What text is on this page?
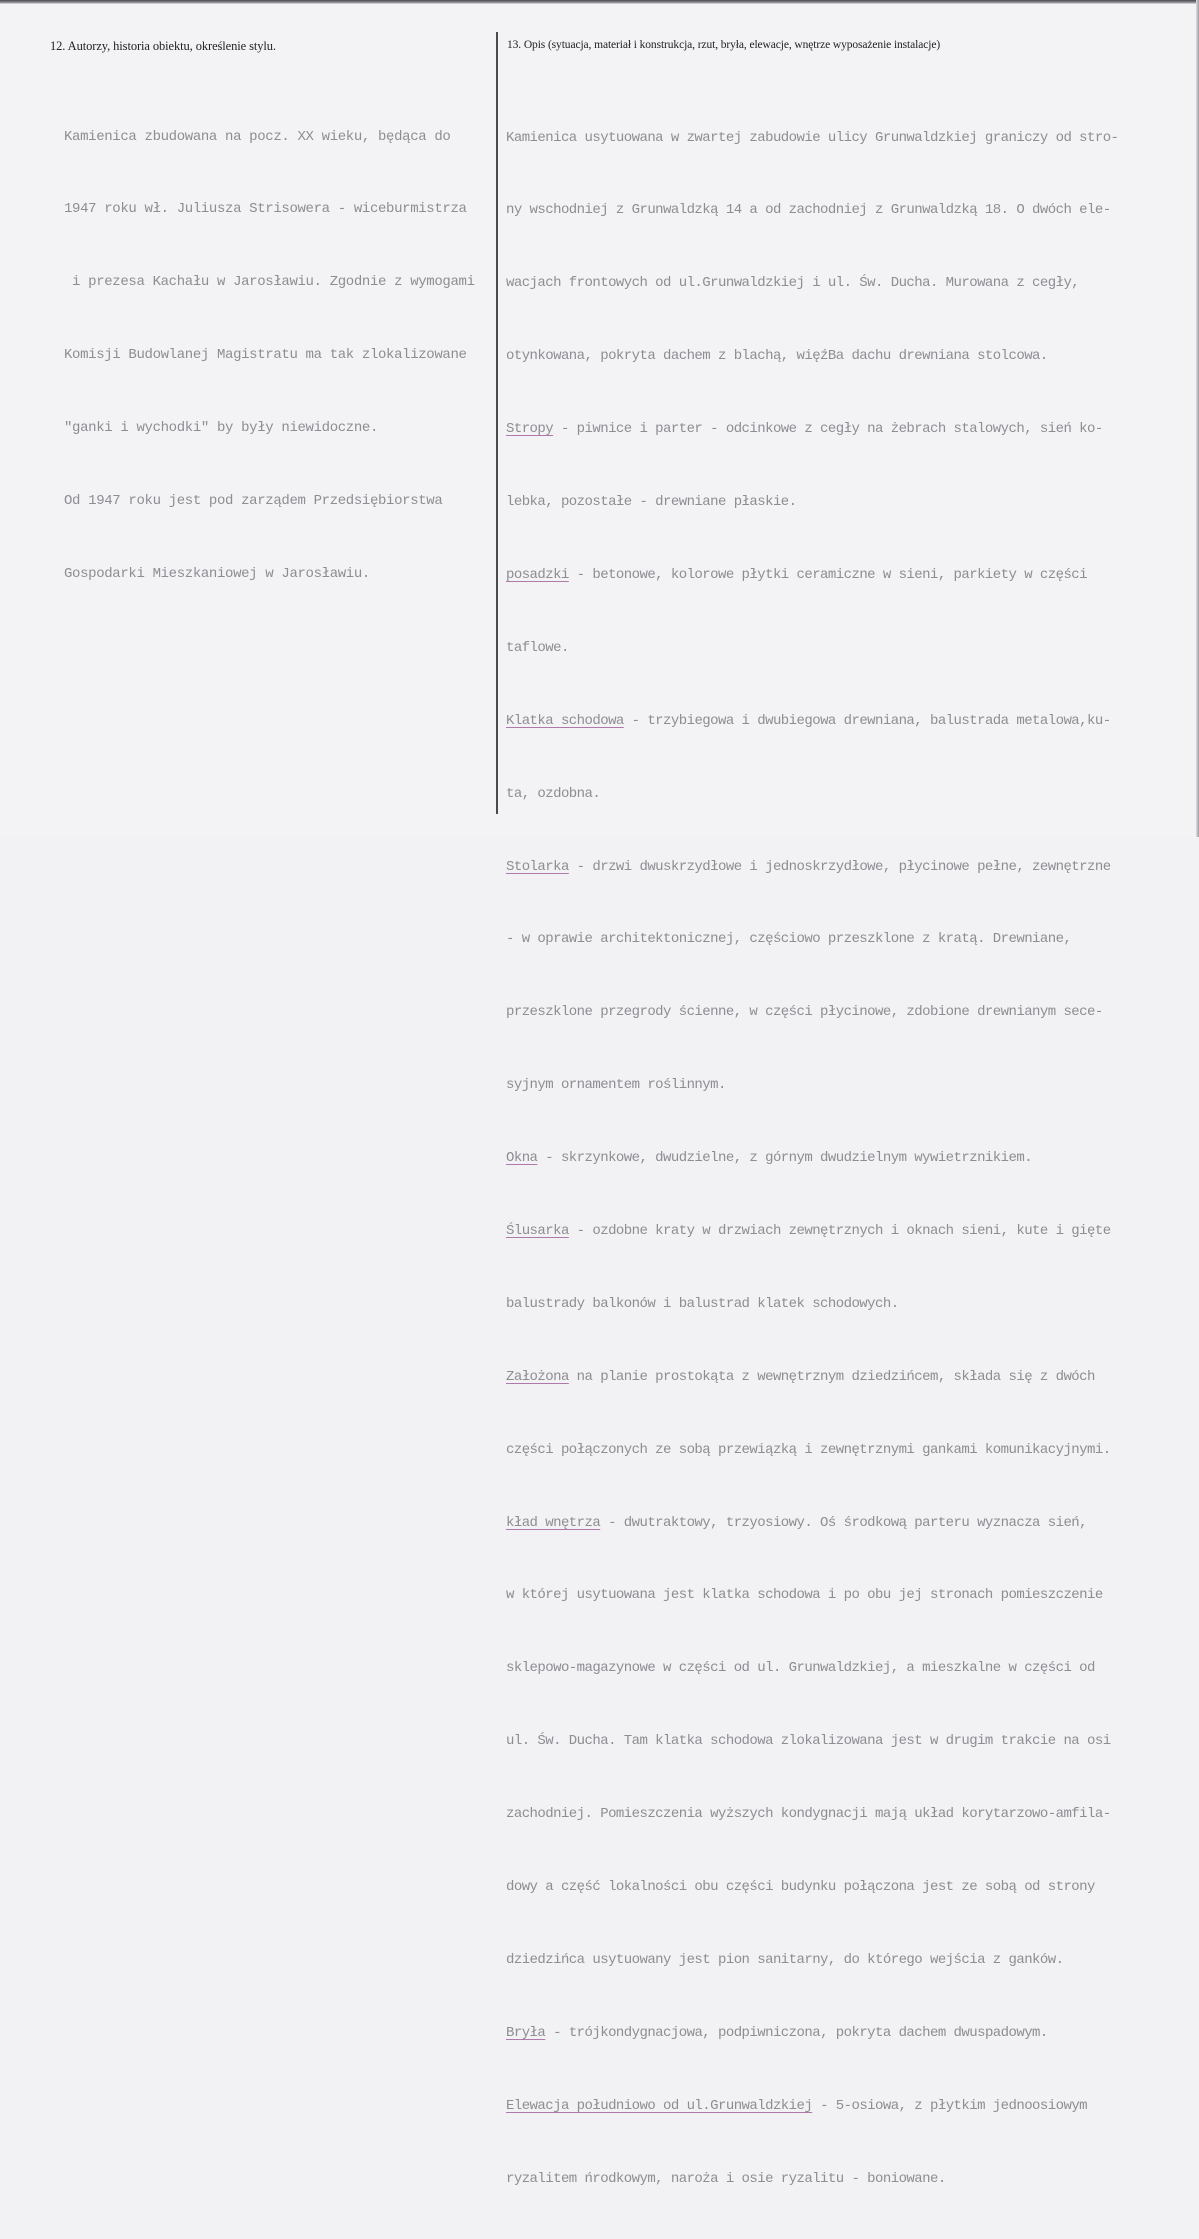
12. Autorzy, historia obiektu, określenie stylu.

Kamienica zbudowana na pocz. XX wieku, będąca do

1947 roku wł. Juliusza Strisowera - wiceburmistrza

i prezesa Kachału w Jarosławiu. Zgodnie z wymogami

Komisji Budowlanej Magistratu ma tak zlokalizowane

"ganki i wychodki" by były niewidoczne.

Od 1947 roku jest pod zarządem Przedsiębiorstwa

Gospodarki Mieszkaniowej w Jarosławiu.

13. Opis (sytuacja, materiał i konstrukcja, rzut, bryła, elewacje, wnętrze wyposażenie instalacje)

Kamienica usytuowana w zwartej zabudowie ulicy Grunwaldzkiej graniczy od stro-

ny wschodniej z Grunwaldzką 14 a od zachodniej z Grunwaldzką 18. O dwóch ele-

wacjach frontowych od ul.Grunwaldzkiej i ul. Św. Ducha. Murowana z cegły,

otynkowana, pokryta dachem z blachą, więźBa dachu drewniana stolcowa.

Stropy - piwnice i parter - odcinkowe z cegły na żebrach stalowych, sień ko-

lebka, pozostałe - drewniane płaskie.

posadzki - betonowe, kolorowe płytki ceramiczne w sieni, parkiety w części

taflowe.

Klatka schodowa - trzybiegowa i dwubiegowa drewniana, balustrada metalowa,ku-

ta, ozdobna.

Stolarka - drzwi dwuskrzydłowe i jednoskrzydłowe, płycinowe pełne, zewnętrzne

- w oprawie architektonicznej, częściowo przeszklone z kratą. Drewniane,

przeszklone przegrody ścienne, w części płycinowe, zdobione drewnianym sece-

syjnym ornamentem roślinnym.

Okna - skrzynkowe, dwudzielne, z górnym dwudzielnym wywietrznikiem.

Ślusarka - ozdobne kraty w drzwiach zewnętrznych i oknach sieni, kute i gięte

balustrady balkonów i balustrad klatek schodowych.

Założona na planie prostokąta z wewnętrznym dziedzińcem, składa się z dwóch

części połączonych ze sobą przewiązką i zewnętrznymi gankami komunikacyjnymi.

kład wnętrza - dwutraktowy, trzyosiowy. Oś środkową parteru wyznacza sień,

w której usytuowana jest klatka schodowa i po obu jej stronach pomieszczenie

sklepowo-magazynowe w części od ul. Grunwaldzkiej, a mieszkalne w części od

ul. Św. Ducha. Tam klatka schodowa zlokalizowana jest w drugim trakcie na osi

zachodniej. Pomieszczenia wyższych kondygnacji mają układ korytarzowo-amfila-

dowy a część lokalności obu części budynku połączona jest ze sobą od strony

dziedzińca usytuowany jest pion sanitarny, do którego wejścia z ganków.

Bryła - trójkondygnacjowa, podpiwniczona, pokryta dachem dwuspadowym.

Elewacja południowo od ul.Grunwaldzkiej - 5-osiowa, z płytkim jednoosiowym

ryzalitem ńrodkowym, naroża i osie ryzalitu - boniowane.
